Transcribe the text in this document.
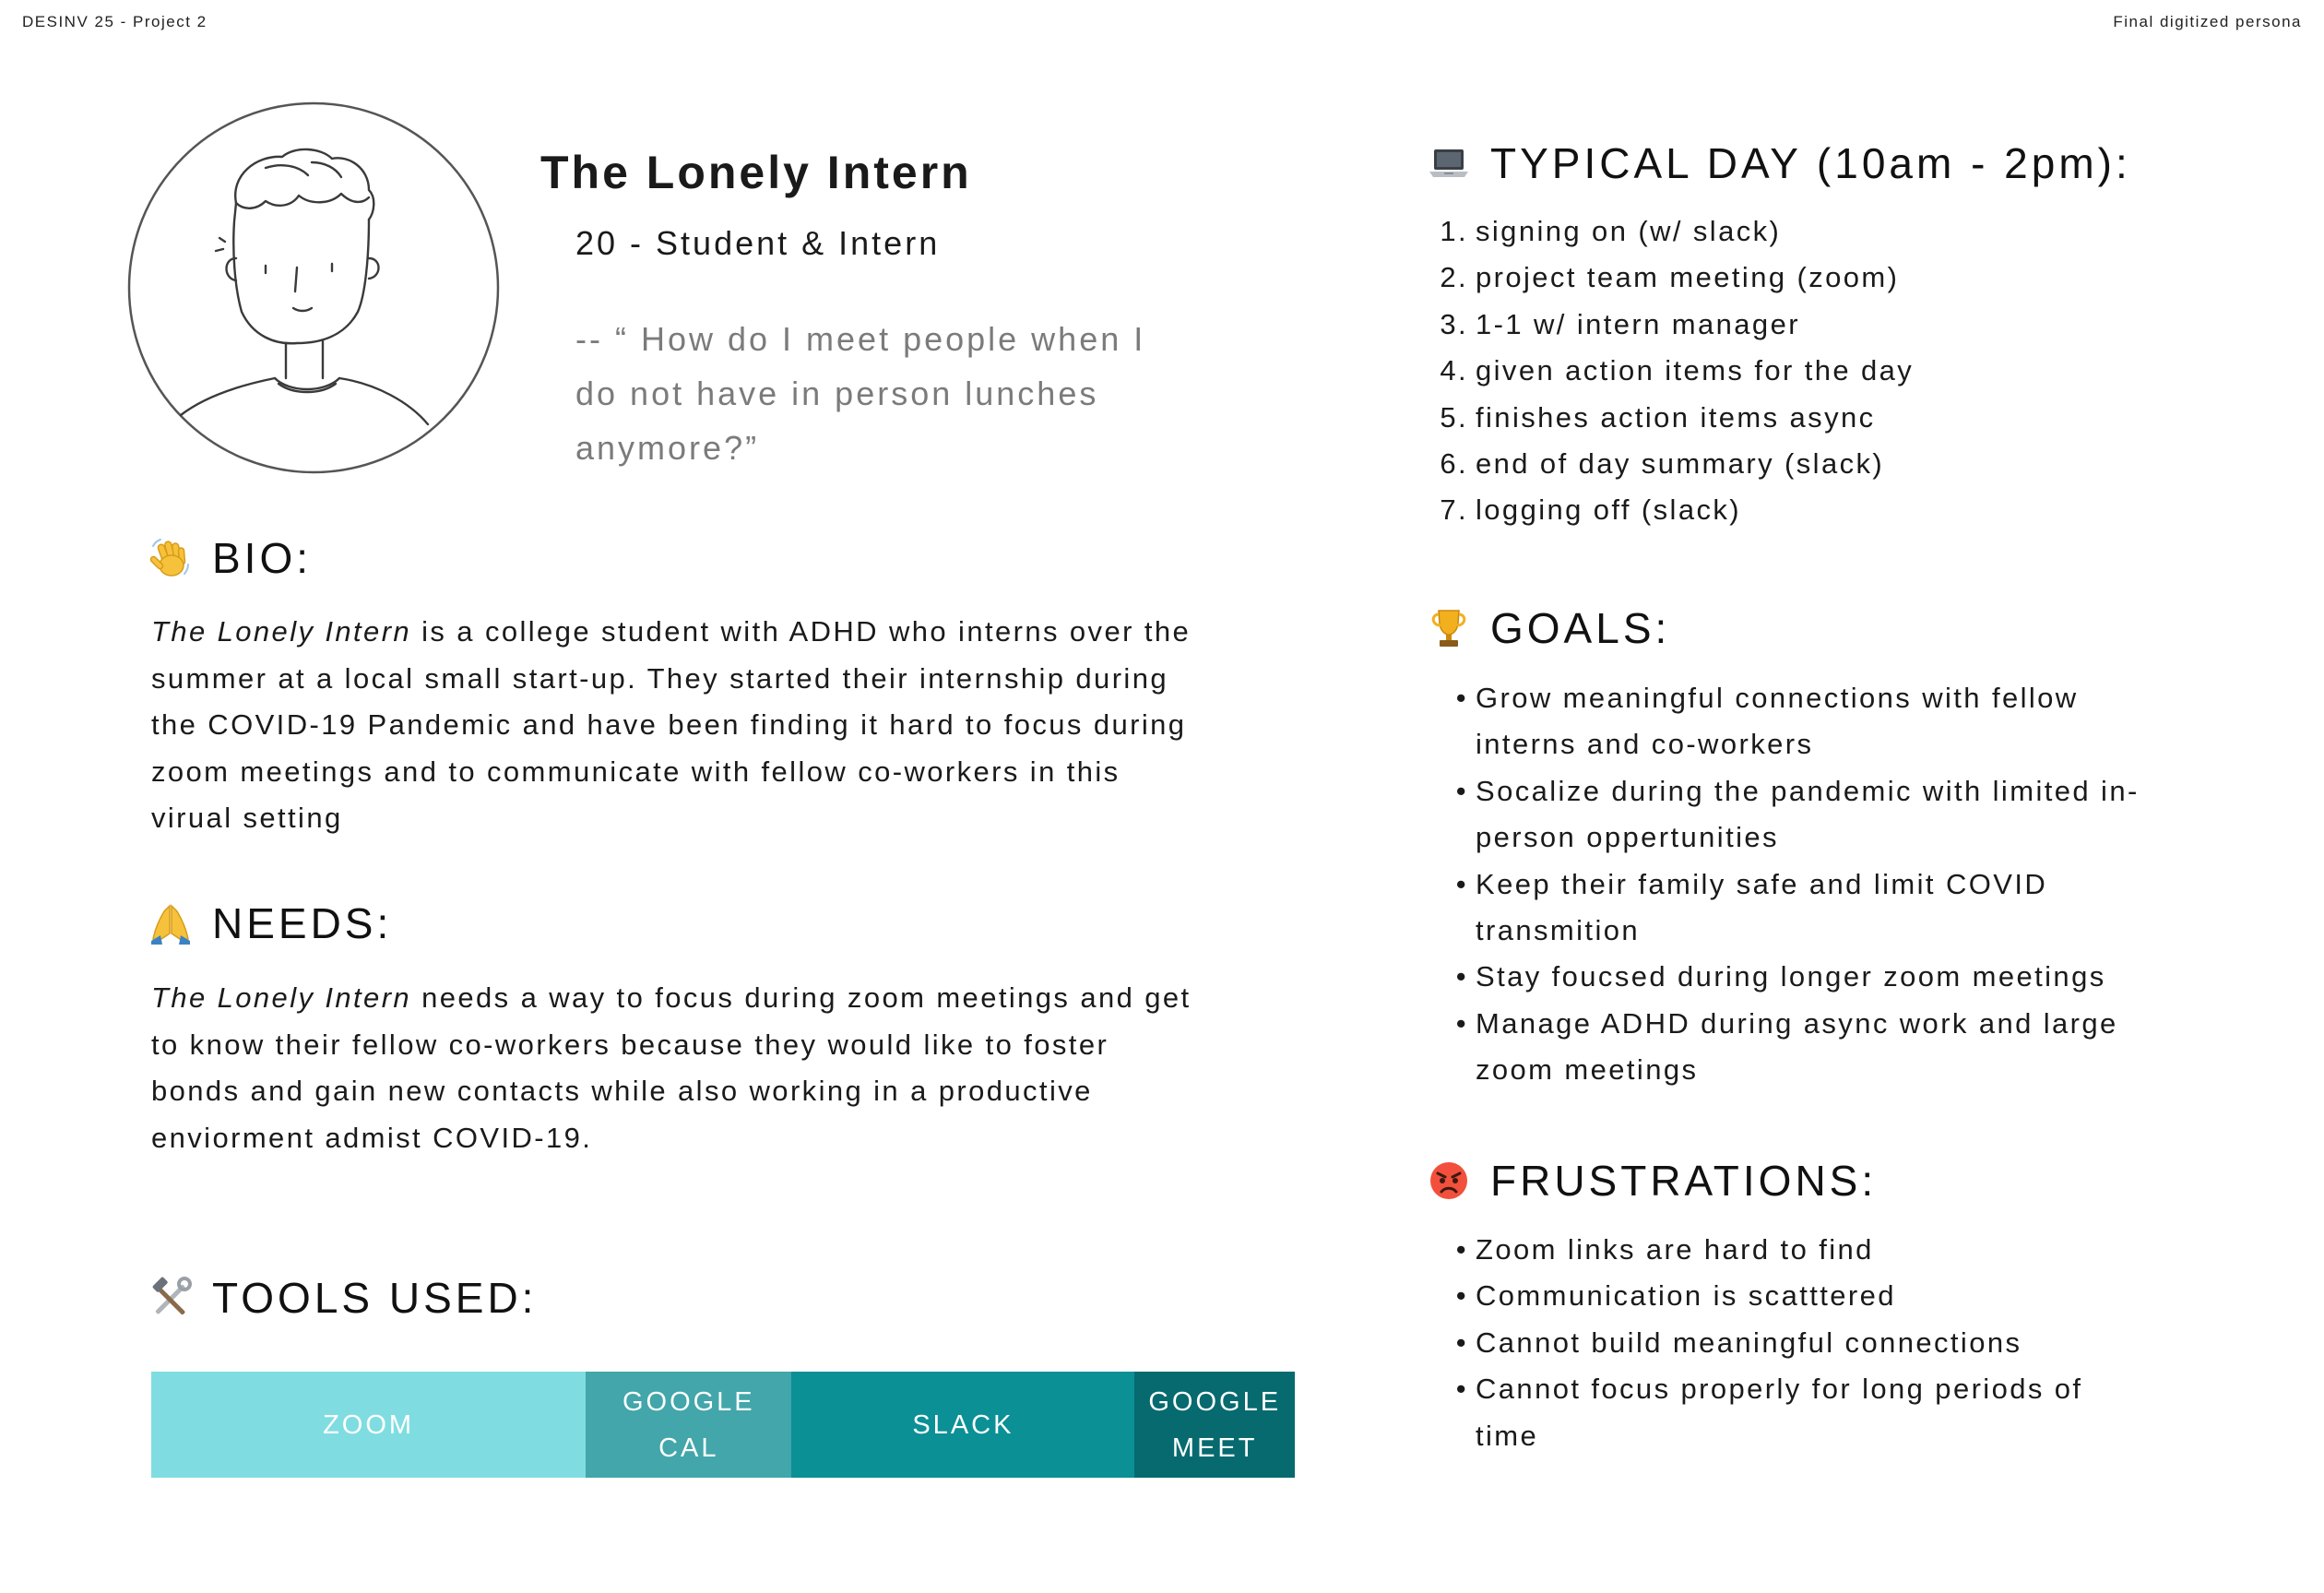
DESINV 25 - Project 2	Final digitized persona
The Lonely Intern
20 - Student & Intern
-- “ How do I meet people when I do not have in person lunches anymore?”
BIO:
The Lonely Intern is a college student with ADHD who interns over the summer at a local small start-up. They started their internship during the COVID-19 Pandemic and have been finding it hard to focus during zoom meetings and to communicate with fellow co-workers in this virual setting
NEEDS:
The Lonely Intern needs a way to focus during zoom meetings and get to know their fellow co-workers because they would like to foster bonds and gain new contacts while also working in a productive enviorment admist COVID-19.
TOOLS USED:
ZOOM
GOOGLE
CAL
SLACK
GOOGLE
MEET
TYPICAL DAY (10am - 2pm):
1. signing on (w/ slack)
2. project team meeting (zoom)
3. 1-1 w/ intern manager
4. given action items for the day
5. finishes action items async
6. end of day summary (slack)
7. logging off (slack)
GOALS:
• Grow meaningful connections with fellow interns and co-workers
• Socalize during the pandemic with limited in-person oppertunities
• Keep their family safe and limit COVID transmition
• Stay foucsed during longer zoom meetings
• Manage ADHD during async work and large zoom meetings
FRUSTRATIONS:
• Zoom links are hard to find
• Communication is scatttered
• Cannot build meaningful connections
• Cannot focus properly for long periods of time
